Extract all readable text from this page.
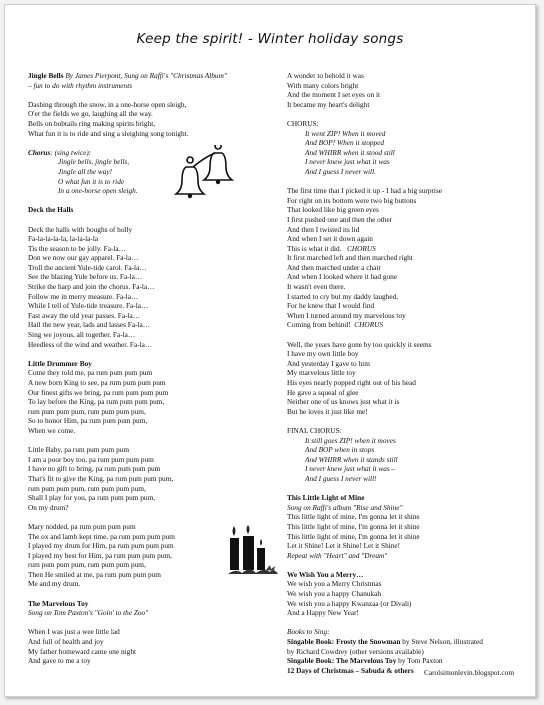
Keep the spirit! - Winter holiday songs
Jingle Bells By James Pierpont, Sung on Raffi's "Christmas Album"
– fun to do with rhythm instruments
Dashing through the snow, in a one-horse open sleigh,
O'er the fields we go, laughing all the way.
Bells on bobtails ring making spirits bright,
What fun it is to ride and sing a sleighing song tonight.
Chorus: (sing twice):
Jingle bells, jingle bells,
Jingle all the way!
O what fun it is to ride
In a one-horse open sleigh.
Deck the Halls
Deck the halls with boughs of holly
Fa-la-la-la-la, la-la-la-la
Tis the season to be jolly. Fa-la…
Don we now our gay apparel. Fa-la…
Troll the ancient Yule-tide carol. Fa-la…
See the blazing Yule before us. Fa-la…
Strike the harp and join the chorus. Fa-la…
Follow me in merry measure. Fa-la…
While I tell of Yule-tide treasure. Fa-la…
Fast away the old year passes. Fa-la…
Hail the new year, lads and lasses Fa-la…
Sing we joyous, all together. Fa-la…
Heedless of the wind and weather. Fa-la…
Little Drummer Boy
Come they told me, pa rum pum pum pum
A new born King to see, pa rum pum pum pum
Our finest gifts we bring, pa rum pum pum pum
To lay before the King, pa rum pum pum pum,
rum pum pum pum, rum pum pum pum,
So to honor Him, pa rum pum pum pum,
When we come.
Little Baby, pa rum pum pum pum
I am a poor boy too, pa rum pum pum pum
I have no gift to bring, pa rum pum pum pum
That's fit to give the King, pa rum pum pum pum,
rum pum pum pum, rum pum pum pum,
Shall I play for you, pa rum pum pum pum,
On my drum?
Mary nodded, pa rum pum pum pum
The ox and lamb kept time, pa rum pum pum pum
I played my drum for Him, pa rum pum pum pum
I played my best for Him, pa rum pum pum pum,
rum pum pum pum, rum pum pum pum,
Then He smiled at me, pa rum pum pum pum
Me and my drum.
The Marvelous Toy
Song on Tom Paxton's "Goin' to the Zoo"
When I was just a wee little lad
And full of health and joy
My father homeward came one night
And gave to me a toy
A wonder to behold it was
With many colors bright
And the moment I set eyes on it
It became my heart's delight
CHORUS:
It went ZIP! When it moved
And BOP! When it stopped
And WHIRR when it stood still
I never knew just what it was
And I guess I never will.
The first time that I picked it up - I had a big surprise
For right on its bottom were two big buttons
That looked like big green eyes
I first pushed one and then the other
And then I twisted its lid
And when I set it down again
This is what it did. CHORUS
It first marched left and then marched right
And then marched under a chair
And when I looked where it had gone
It wasn't even there.
I started to cry but my daddy laughed,
For he knew that I would find
When I turned around my marvelous toy
Coming from behind! CHORUS
Well, the years have gone by too quickly it seems
I have my own little boy
And yesterday I gave to him
My marvelous little toy
His eyes nearly popped right out of his head
He gave a squeal of glee
Neither one of us knows just what it is
But he loves it just like me!
FINAL CHORUS:
It still goes ZIP! when it moves
And BOP when in stops
And WHIRR when it stands still
I never knew just what it was –
And I guess I never will!
This Little Light of Mine
Song on Raffi's album "Rise and Shine"
This little light of mine, I'm gonna let it shine
This little light of mine, I'm gonna let it shine
This little light of mine, I'm gonna let it shine
Let it Shine! Let it Shine! Let it Shine!
Repeat with "Heart" and "Dream"
We Wish You a Merry…
We wish you a Merry Christmas
We wish you a happy Chanukah
We wish you a happy Kwanzaa (or Divali)
And a Happy New Year!
Books to Sing:
Singable Book: Frosty the Snowman by Steve Nelson, illustrated
by Richard Cowdrey (other versions available)
Singable Book: The Marvelous Toy by Tom Paxton
12 Days of Christmas – Sabuda & others	Carolsimonlevin.blogspot.com
